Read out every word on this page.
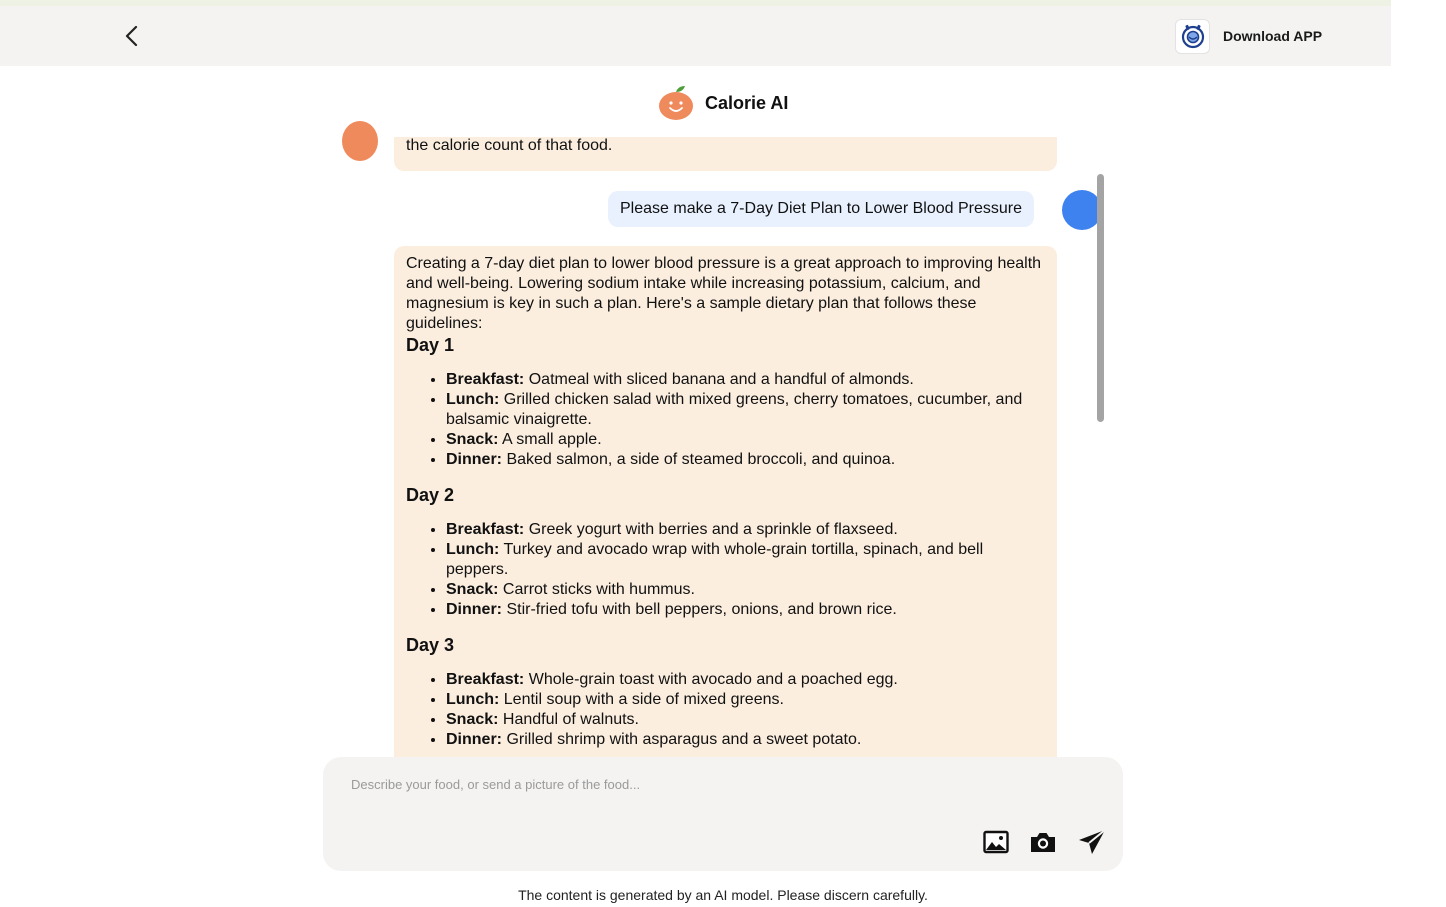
Download APP
Calorie AI
the calorie count of that food.
Please make a 7-Day Diet Plan to Lower Blood Pressure

Creating a 7-day diet plan to lower blood pressure is a great approach to improving health and well-being. Lowering sodium intake while increasing potassium, calcium, and magnesium is key in such a plan. Here's a sample dietary plan that follows these guidelines:

Day 1
• Breakfast: Oatmeal with sliced banana and a handful of almonds.
• Lunch: Grilled chicken salad with mixed greens, cherry tomatoes, cucumber, and balsamic vinaigrette.
• Snack: A small apple.
• Dinner: Baked salmon, a side of steamed broccoli, and quinoa.
Day 2
• Breakfast: Greek yogurt with berries and a sprinkle of flaxseed.
• Lunch: Turkey and avocado wrap with whole-grain tortilla, spinach, and bell peppers.
• Snack: Carrot sticks with hummus.
• Dinner: Stir-fried tofu with bell peppers, onions, and brown rice.
Day 3
• Breakfast: Whole-grain toast with avocado and a poached egg.
• Lunch: Lentil soup with a side of mixed greens.
• Snack: Handful of walnuts.
• Dinner: Grilled shrimp with asparagus and a sweet potato.
Describe your food, or send a picture of the food...
The content is generated by an AI model. Please discern carefully.
